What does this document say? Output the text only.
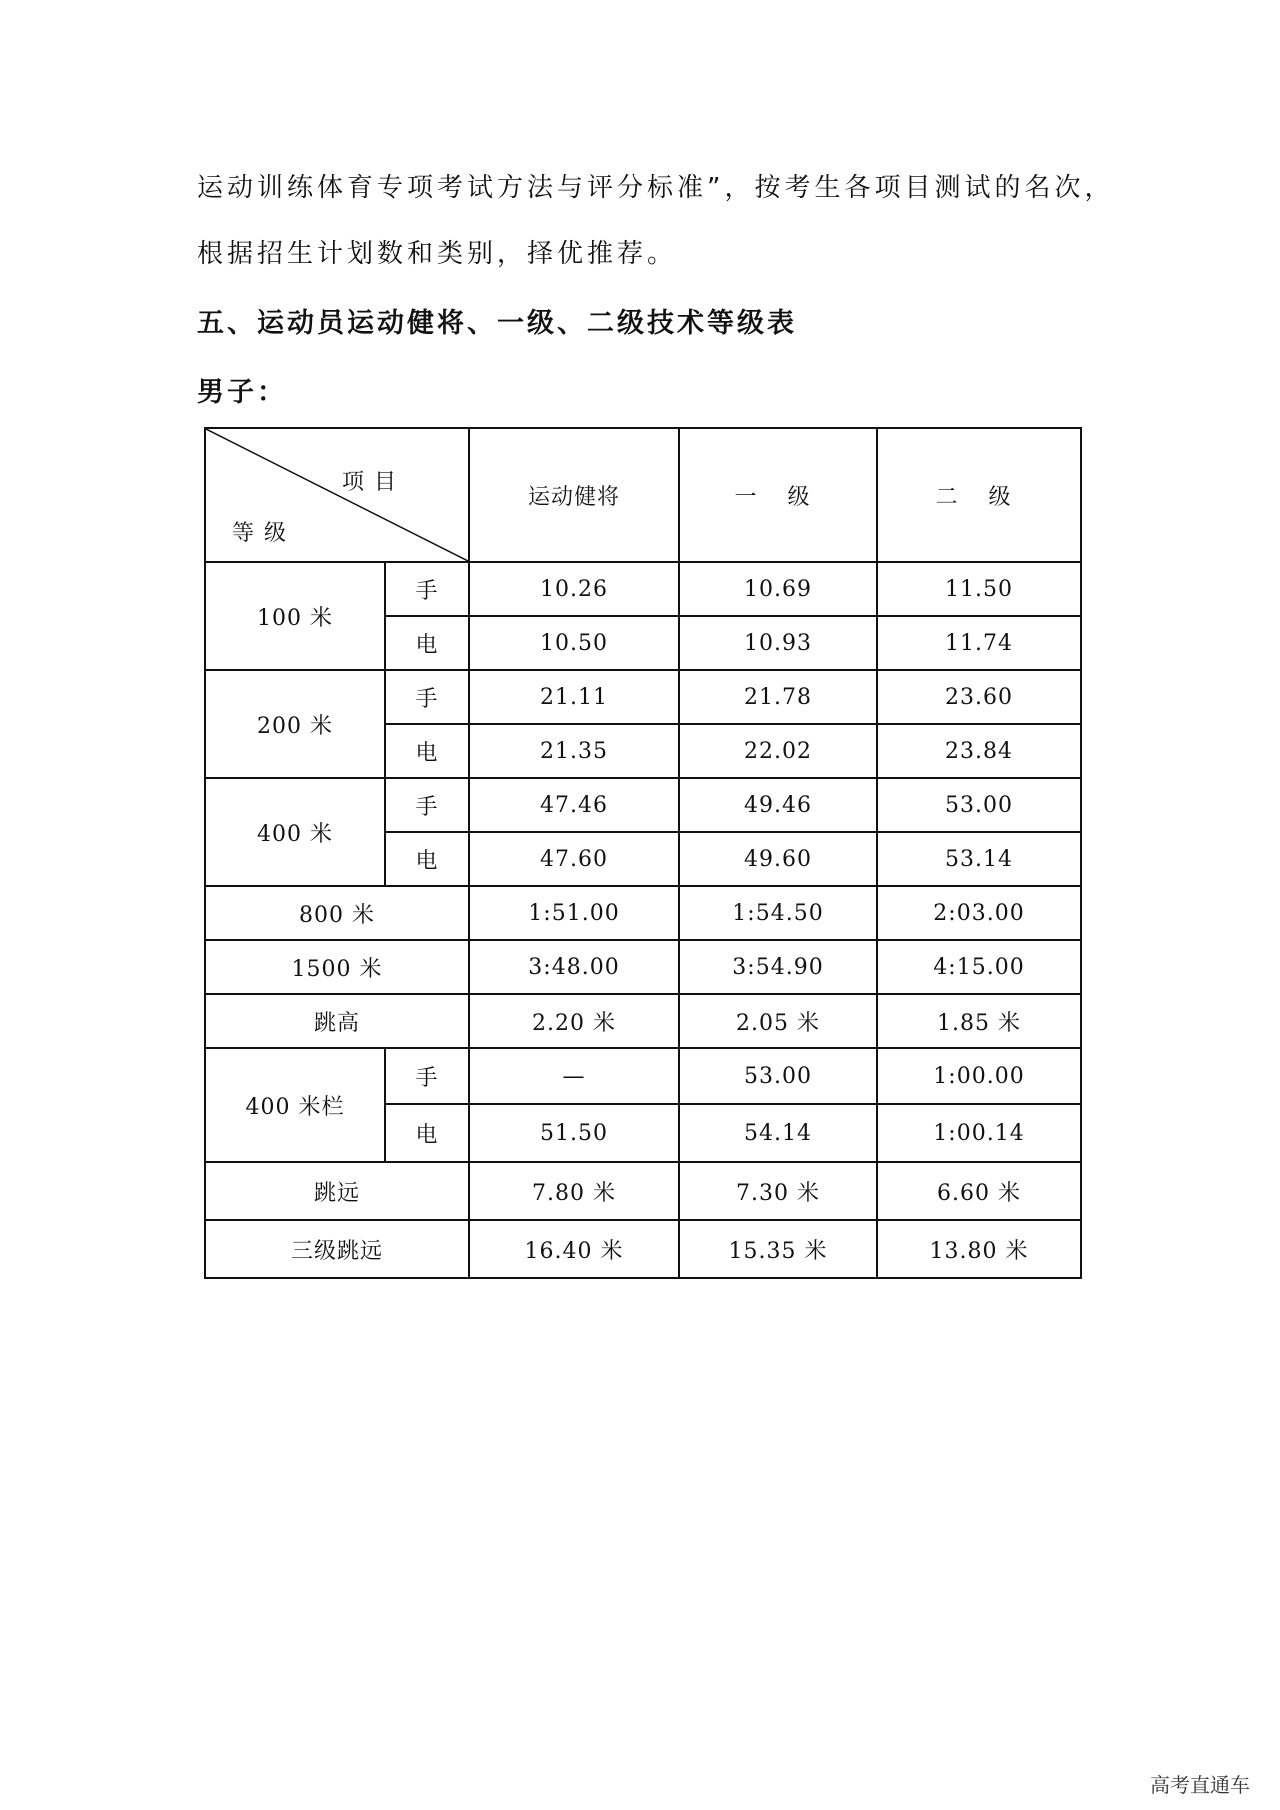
运动训练体育专项考试方法与评分标准”，按考生各项目测试的名次，
根据招生计划数和类别，择优推荐。
五、运动员运动健将、一级、二级技术等级表
男子：
项目
等级		运动健将	一 级	二 级
100 米	手	10.26	10.69	11.50
	电	10.50	10.93	11.74
200 米	手	21.11	21.78	23.60
	电	21.35	22.02	23.84
400 米	手	47.46	49.46	53.00
	电	47.60	49.60	53.14
800 米		1:51.00	1:54.50	2:03.00
1500 米		3:48.00	3:54.90	4:15.00
跳高		2.20 米	2.05 米	1.85 米
400 米栏	手	—	53.00	1:00.00
	电	51.50	54.14	1:00.14
跳远		7.80 米	7.30 米	6.60 米
三级跳远		16.40 米	15.35 米	13.80 米
高考直通车
